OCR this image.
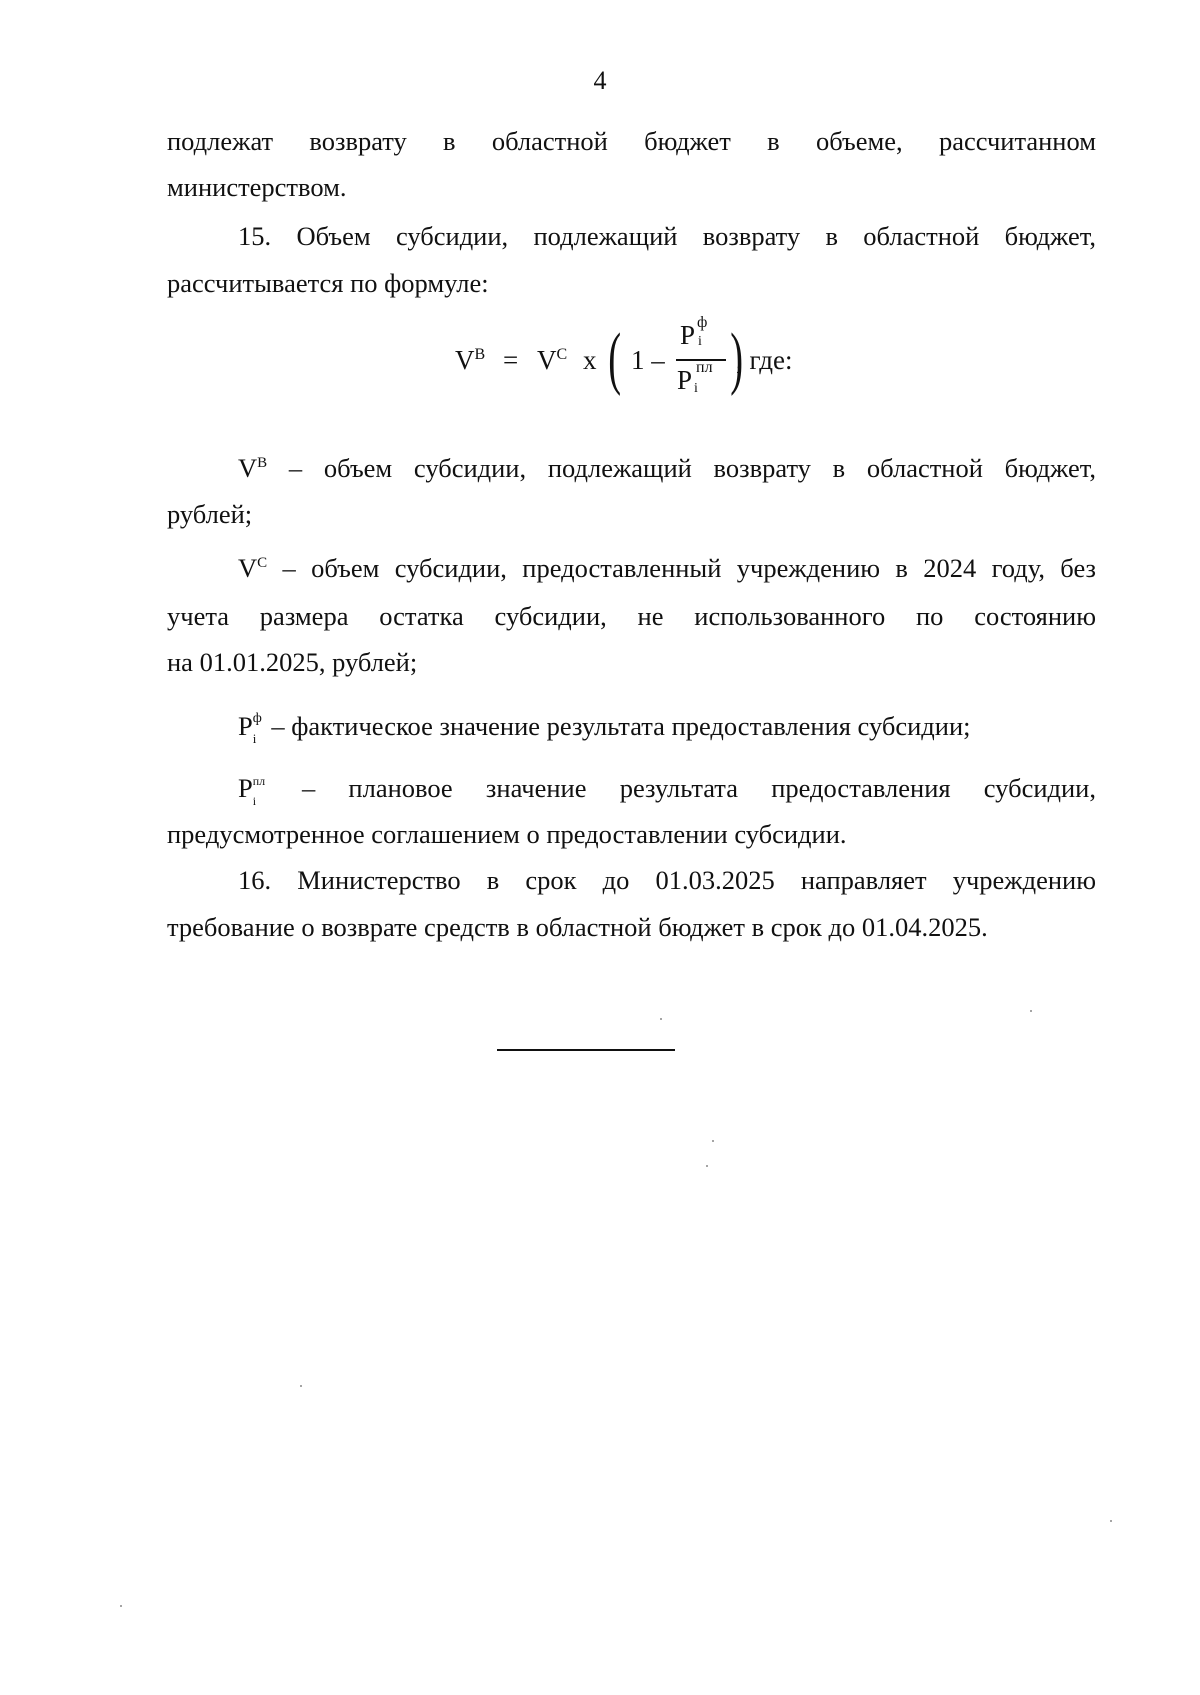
4
подлежат возврату в областной бюджет в объеме, рассчитанном
министерством.
15. Объем субсидии, подлежащий возврату в областной бюджет,
рассчитывается по формуле:
$V^В = V^С$ х ( 1 –
P ф
i
P пл
i )
, где:
$V^В$ – объем субсидии, подлежащий возврату в областной бюджет,
рублей;
$V^С$ – объем субсидии, предоставленный учреждению в 2024 году, без
учета размера остатка субсидии, не использованного по состоянию
на 01.01.2025, рублей;
P ф
i – фактическое значение результата предоставления субсидии;
P пл
i – плановое значение результата предоставления субсидии,
предусмотренное соглашением о предоставлении субсидии.
16. Министерство в срок до 01.03.2025 направляет учреждению
требование о возврате средств в областной бюджет в срок до 01.04.2025.
